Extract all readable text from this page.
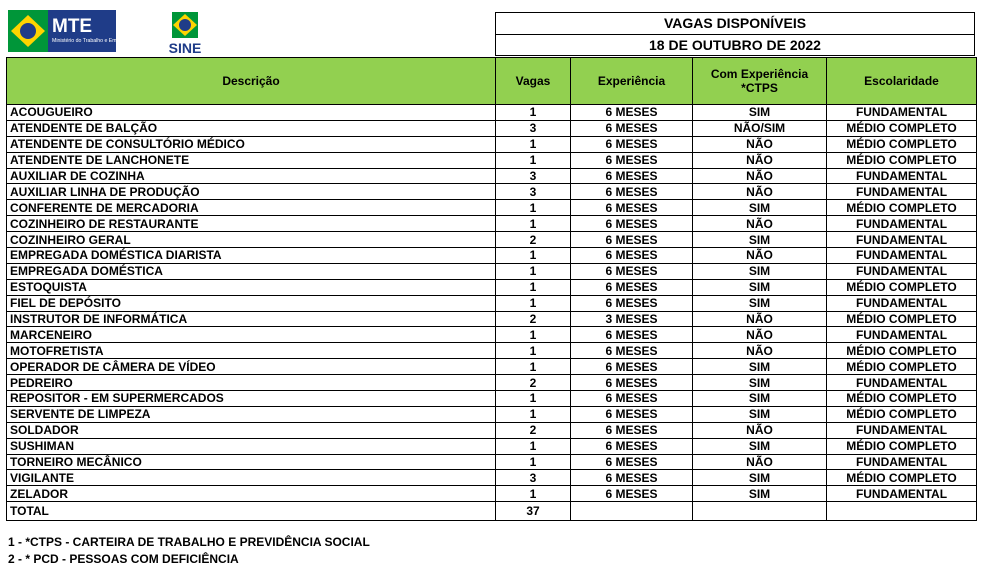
MTE
Ministério do Trabalho e Emprego	SINE
VAGAS DISPONÍVEIS
18 DE OUTUBRO DE 2022
Descrição	Vagas	Experiência	Com Experiência *CTPS	Escolaridade
ACOUGUEIRO	1	6 MESES	SIM	FUNDAMENTAL
ATENDENTE DE BALÇÃO	3	6 MESES	NÃO/SIM	MÉDIO COMPLETO
ATENDENTE DE CONSULTÓRIO MÉDICO	1	6 MESES	NÃO	MÉDIO COMPLETO
ATENDENTE DE LANCHONETE	1	6 MESES	NÃO	MÉDIO COMPLETO
AUXILIAR DE COZINHA	3	6 MESES	NÃO	FUNDAMENTAL
AUXILIAR LINHA DE PRODUÇÃO	3	6 MESES	NÃO	FUNDAMENTAL
CONFERENTE DE MERCADORIA	1	6 MESES	SIM	MÉDIO COMPLETO
COZINHEIRO DE RESTAURANTE	1	6 MESES	NÃO	FUNDAMENTAL
COZINHEIRO GERAL	2	6 MESES	SIM	FUNDAMENTAL
EMPREGADA DOMÉSTICA DIARISTA	1	6 MESES	NÃO	FUNDAMENTAL
EMPREGADA DOMÉSTICA	1	6 MESES	SIM	FUNDAMENTAL
ESTOQUISTA	1	6 MESES	SIM	MÉDIO COMPLETO
FIEL DE DEPÓSITO	1	6 MESES	SIM	FUNDAMENTAL
INSTRUTOR DE INFORMÁTICA	2	3 MESES	NÃO	MÉDIO COMPLETO
MARCENEIRO	1	6 MESES	NÃO	FUNDAMENTAL
MOTOFRETISTA	1	6 MESES	NÃO	MÉDIO COMPLETO
OPERADOR DE CÂMERA DE VÍDEO	1	6 MESES	SIM	MÉDIO COMPLETO
PEDREIRO	2	6 MESES	SIM	FUNDAMENTAL
REPOSITOR - EM SUPERMERCADOS	1	6 MESES	SIM	MÉDIO COMPLETO
SERVENTE DE LIMPEZA	1	6 MESES	SIM	MÉDIO COMPLETO
SOLDADOR	2	6 MESES	NÃO	FUNDAMENTAL
SUSHIMAN	1	6 MESES	SIM	MÉDIO COMPLETO
TORNEIRO MECÂNICO	1	6 MESES	NÃO	FUNDAMENTAL
VIGILANTE	3	6 MESES	SIM	MÉDIO COMPLETO
ZELADOR	1	6 MESES	SIM	FUNDAMENTAL
TOTAL	37			
1 - *CTPS - CARTEIRA DE TRABALHO E PREVIDÊNCIA SOCIAL
2 - * PCD - PESSOAS COM DEFICIÊNCIA
